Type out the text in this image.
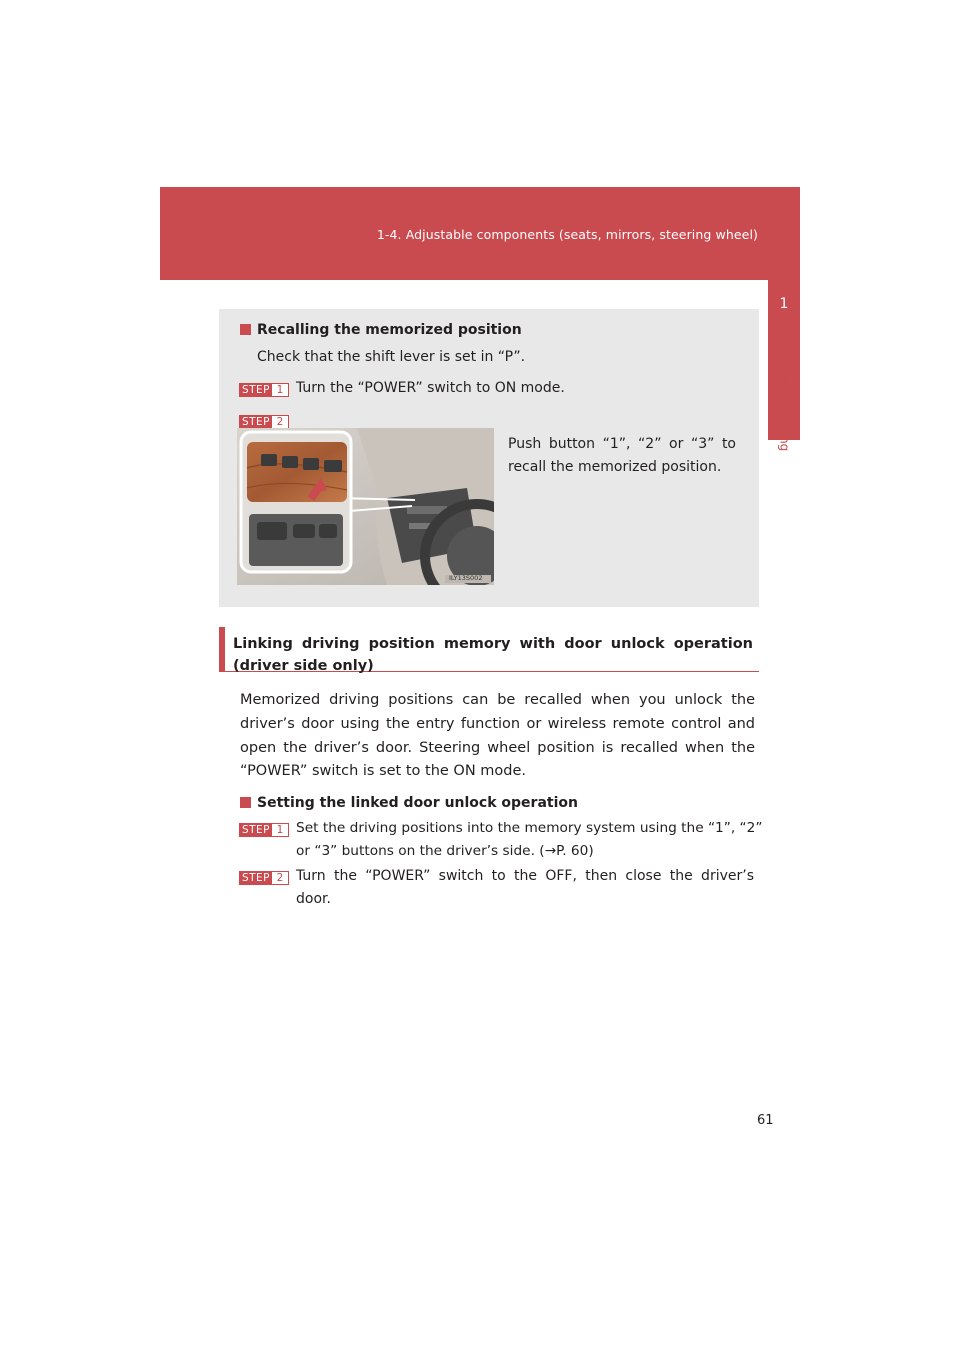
1-4. Adjustable components (seats, mirrors, steering wheel)
1
Before driving
Recalling the memorized position
Check that the shift lever is set in “P”.
STEP 1 Turn the “POWER” switch to ON mode.
STEP 2
Push button “1”, “2” or “3” to
recall the memorized position.
ILY13S002
Linking driving position memory with door unlock operation (driver side only)
Memorized driving positions can be recalled when you unlock the driver’s door using the entry function or wireless remote control and open the driver’s door. Steering wheel position is recalled when the “POWER” switch is set to the ON mode.
Setting the linked door unlock operation
STEP 1 Set the driving positions into the memory system using the “1”, “2”
or “3” buttons on the driver’s side. (→P. 60)
STEP 2 Turn the “POWER” switch to the OFF, then close the driver’s
door.
61
